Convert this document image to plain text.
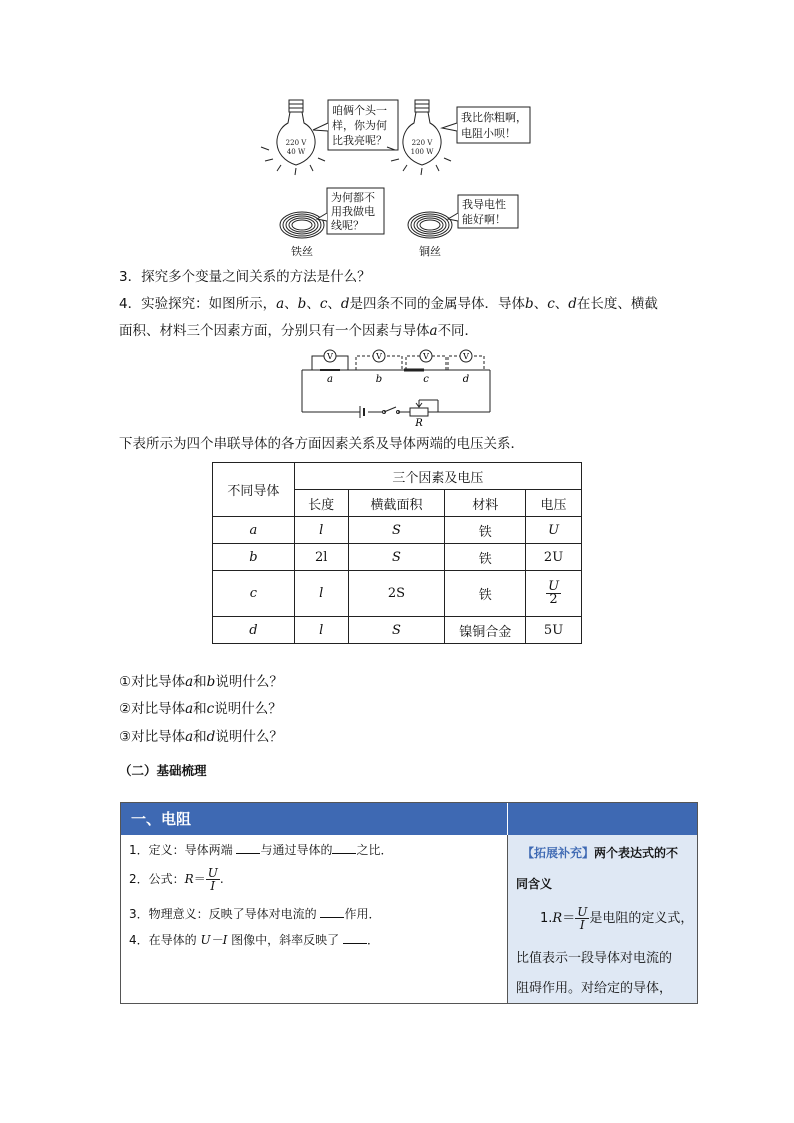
220 V
40 W
咱俩个头一
样，你为何
比我亮呢？	220 V
100 W
我比你粗啊，
电阻小呗！
铁丝
为何都不
用我做电
线呢？
铜丝
我导电性
能好啊！
3．探究多个变量之间关系的方法是什么？
4．实验探究：如图所示，a、b、c、d是四条不同的金属导体．导体b、c、d在长度、横截
面积、材料三个因素方面，分别只有一个因素与导体a不同．
V	V	V	V
a	b	c	d
R
下表所示为四个串联导体的各方面因素关系及导体两端的电压关系．
不同导体	三个因素及电压			
	长度	横截面积	材料	电压
a	l	S	铁	U
b	2l	S	铁	2U
c	l	2S	铁	$\frac{U}{2}$

d	l	S	镍铜合金	5U
①对比导体a和b说明什么？
②对比导体a和c说明什么？
③对比导体a和d说明什么？
（二）基础梳理
一、电阻
1．定义：导体两端 与通过导体的 之比．
2．公式：$R= \frac{U}{I}$ .
3．物理意义：反映了导体对电流的 作用．
4．在导体的 U－I 图像中，斜率反映了 ．
【拓展补充】两个表达式的不
同含义
$1.R= \frac{U}{I}$ 是电阻的定义式，
比值表示一段导体对电流的
阻碍作用。对给定的导体，
